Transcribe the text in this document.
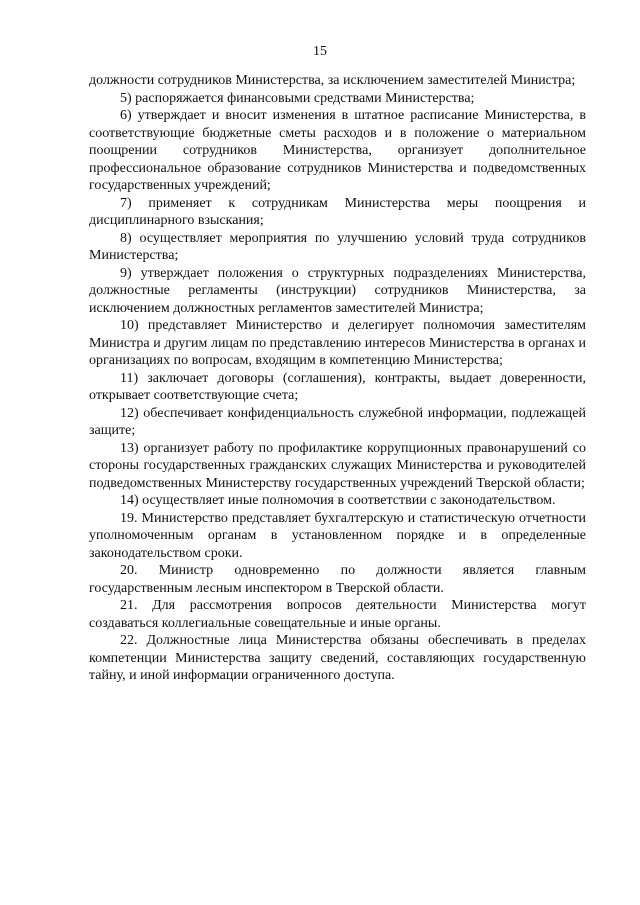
15

должности сотрудников Министерства, за исключением заместителей Министра;

5) распоряжается финансовыми средствами Министерства;

6) утверждает и вносит изменения в штатное расписание Министерства, в соответствующие бюджетные сметы расходов и в положение о материальном поощрении сотрудников Министерства, организует дополнительное профессиональное образование сотрудников Министерства и подведомственных государственных учреждений;

7) применяет к сотрудникам Министерства меры поощрения и дисциплинарного взыскания;

8) осуществляет мероприятия по улучшению условий труда сотрудников Министерства;

9) утверждает положения о структурных подразделениях Министерства, должностные регламенты (инструкции) сотрудников Министерства, за исключением должностных регламентов заместителей Министра;

10) представляет Министерство и делегирует полномочия заместителям Министра и другим лицам по представлению интересов Министерства в органах и организациях по вопросам, входящим в компетенцию Министерства;

11) заключает договоры (соглашения), контракты, выдает доверенности, открывает соответствующие счета;

12) обеспечивает конфиденциальность служебной информации, подлежащей защите;

13) организует работу по профилактике коррупционных правонарушений со стороны государственных гражданских служащих Министерства и руководителей подведомственных Министерству государственных учреждений Тверской области;

14) осуществляет иные полномочия в соответствии с законодательством.

19. Министерство представляет бухгалтерскую и статистическую отчетности уполномоченным органам в установленном порядке и в определенные законодательством сроки.

20. Министр одновременно по должности является главным государственным лесным инспектором в Тверской области.

21. Для рассмотрения вопросов деятельности Министерства могут создаваться коллегиальные совещательные и иные органы.

22. Должностные лица Министерства обязаны обеспечивать в пределах компетенции Министерства защиту сведений, составляющих государственную тайну, и иной информации ограниченного доступа.
